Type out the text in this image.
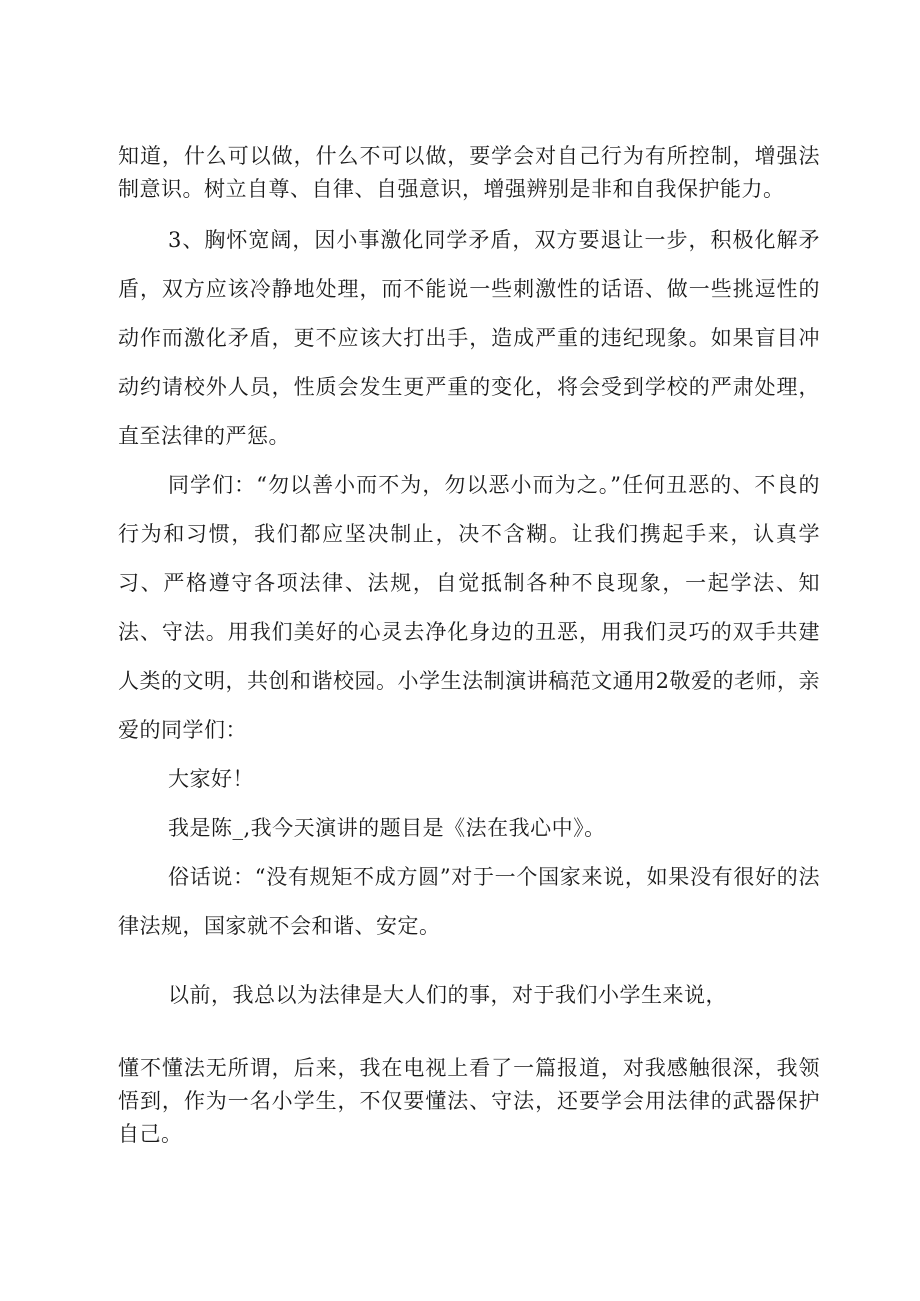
知道，什么可以做，什么不可以做，要学会对自己行为有所控制，增强法制意识。树立自尊、自律、自强意识，增强辨别是非和自我保护能力。

3、胸怀宽阔，因小事激化同学矛盾，双方要退让一步，积极化解矛盾，双方应该冷静地处理，而不能说一些刺激性的话语、做一些挑逗性的动作而激化矛盾，更不应该大打出手，造成严重的违纪现象。如果盲目冲动约请校外人员，性质会发生更严重的变化，将会受到学校的严肃处理，直至法律的严惩。

同学们：“勿以善小而不为，勿以恶小而为之。”任何丑恶的、不良的行为和习惯，我们都应坚决制止，决不含糊。让我们携起手来，认真学习、严格遵守各项法律、法规，自觉抵制各种不良现象，一起学法、知法、守法。用我们美好的心灵去净化身边的丑恶，用我们灵巧的双手共建人类的文明，共创和谐校园。小学生法制演讲稿范文通用2敬爱的老师，亲爱的同学们：

大家好！

我是陈_,我今天演讲的题目是《法在我心中》。

俗话说：“没有规矩不成方圆”对于一个国家来说，如果没有很好的法律法规，国家就不会和谐、安定。

以前，我总以为法律是大人们的事，对于我们小学生来说，

懂不懂法无所谓，后来，我在电视上看了一篇报道，对我感触很深，我领悟到，作为一名小学生，不仅要懂法、守法，还要学会用法律的武器保护自己。
